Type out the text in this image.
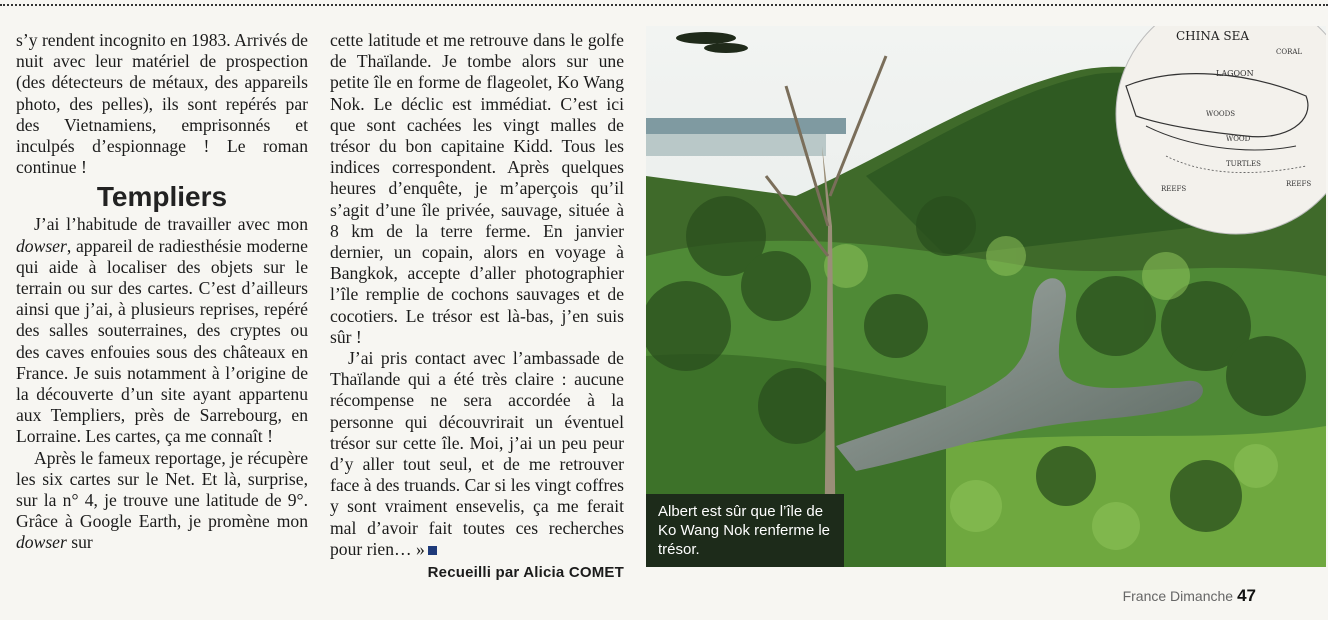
s’y rendent incognito en 1983. Arrivés de nuit avec leur matériel de prospection (des détecteurs de métaux, des appareils photo, des pelles), ils sont repérés par des Vietnamiens, emprisonnés et inculpés d’espionnage ! Le roman continue !

Templiers

J’ai l’habitude de travailler avec mon dowser, appareil de radiesthésie moderne qui aide à localiser des objets sur le terrain ou sur des cartes. C’est d’ailleurs ainsi que j’ai, à plusieurs reprises, repéré des salles souterraines, des cryptes ou des caves enfouies sous des châteaux en France. Je suis notamment à l’origine de la découverte d’un site ayant appartenu aux Templiers, près de Sarrebourg, en Lorraine. Les cartes, ça me connaît !

Après le fameux reportage, je récupère les six cartes sur le Net. Et là, surprise, sur la n° 4, je trouve une latitude de 9°. Grâce à Google Earth, je promène mon dowser sur

cette latitude et me retrouve dans le golfe de Thaïlande. Je tombe alors sur une petite île en forme de flageolet, Ko Wang Nok. Le déclic est immédiat. C’est ici que sont cachées les vingt malles de trésor du bon capitaine Kidd. Tous les indices correspondent. Après quelques heures d’enquête, je m’aperçois qu’il s’agit d’une île privée, sauvage, située à 8 km de la terre ferme. En janvier dernier, un copain, alors en voyage à Bangkok, accepte d’aller photographier l’île remplie de cochons sauvages et de cocotiers. Le trésor est là-bas, j’en suis sûr !

J’ai pris contact avec l’ambassade de Thaïlande qui a été très claire : aucune récompense ne sera accordée à la personne qui découvrirait un éventuel trésor sur cette île. Moi, j’ai un peu peur d’y aller tout seul, et de me retrouver face à des truands. Car si les vingt coffres y sont vraiment ensevelis, ça me ferait mal d’avoir fait toutes ces recherches pour rien… »

Recueilli par Alicia COMET
CHINA SEA
LAGOON
WOODS
WOOD
TURTLES
REEFS
REEFS
CORAL
Albert est sûr que l’île de Ko Wang Nok renferme le trésor.
France Dimanche 47
